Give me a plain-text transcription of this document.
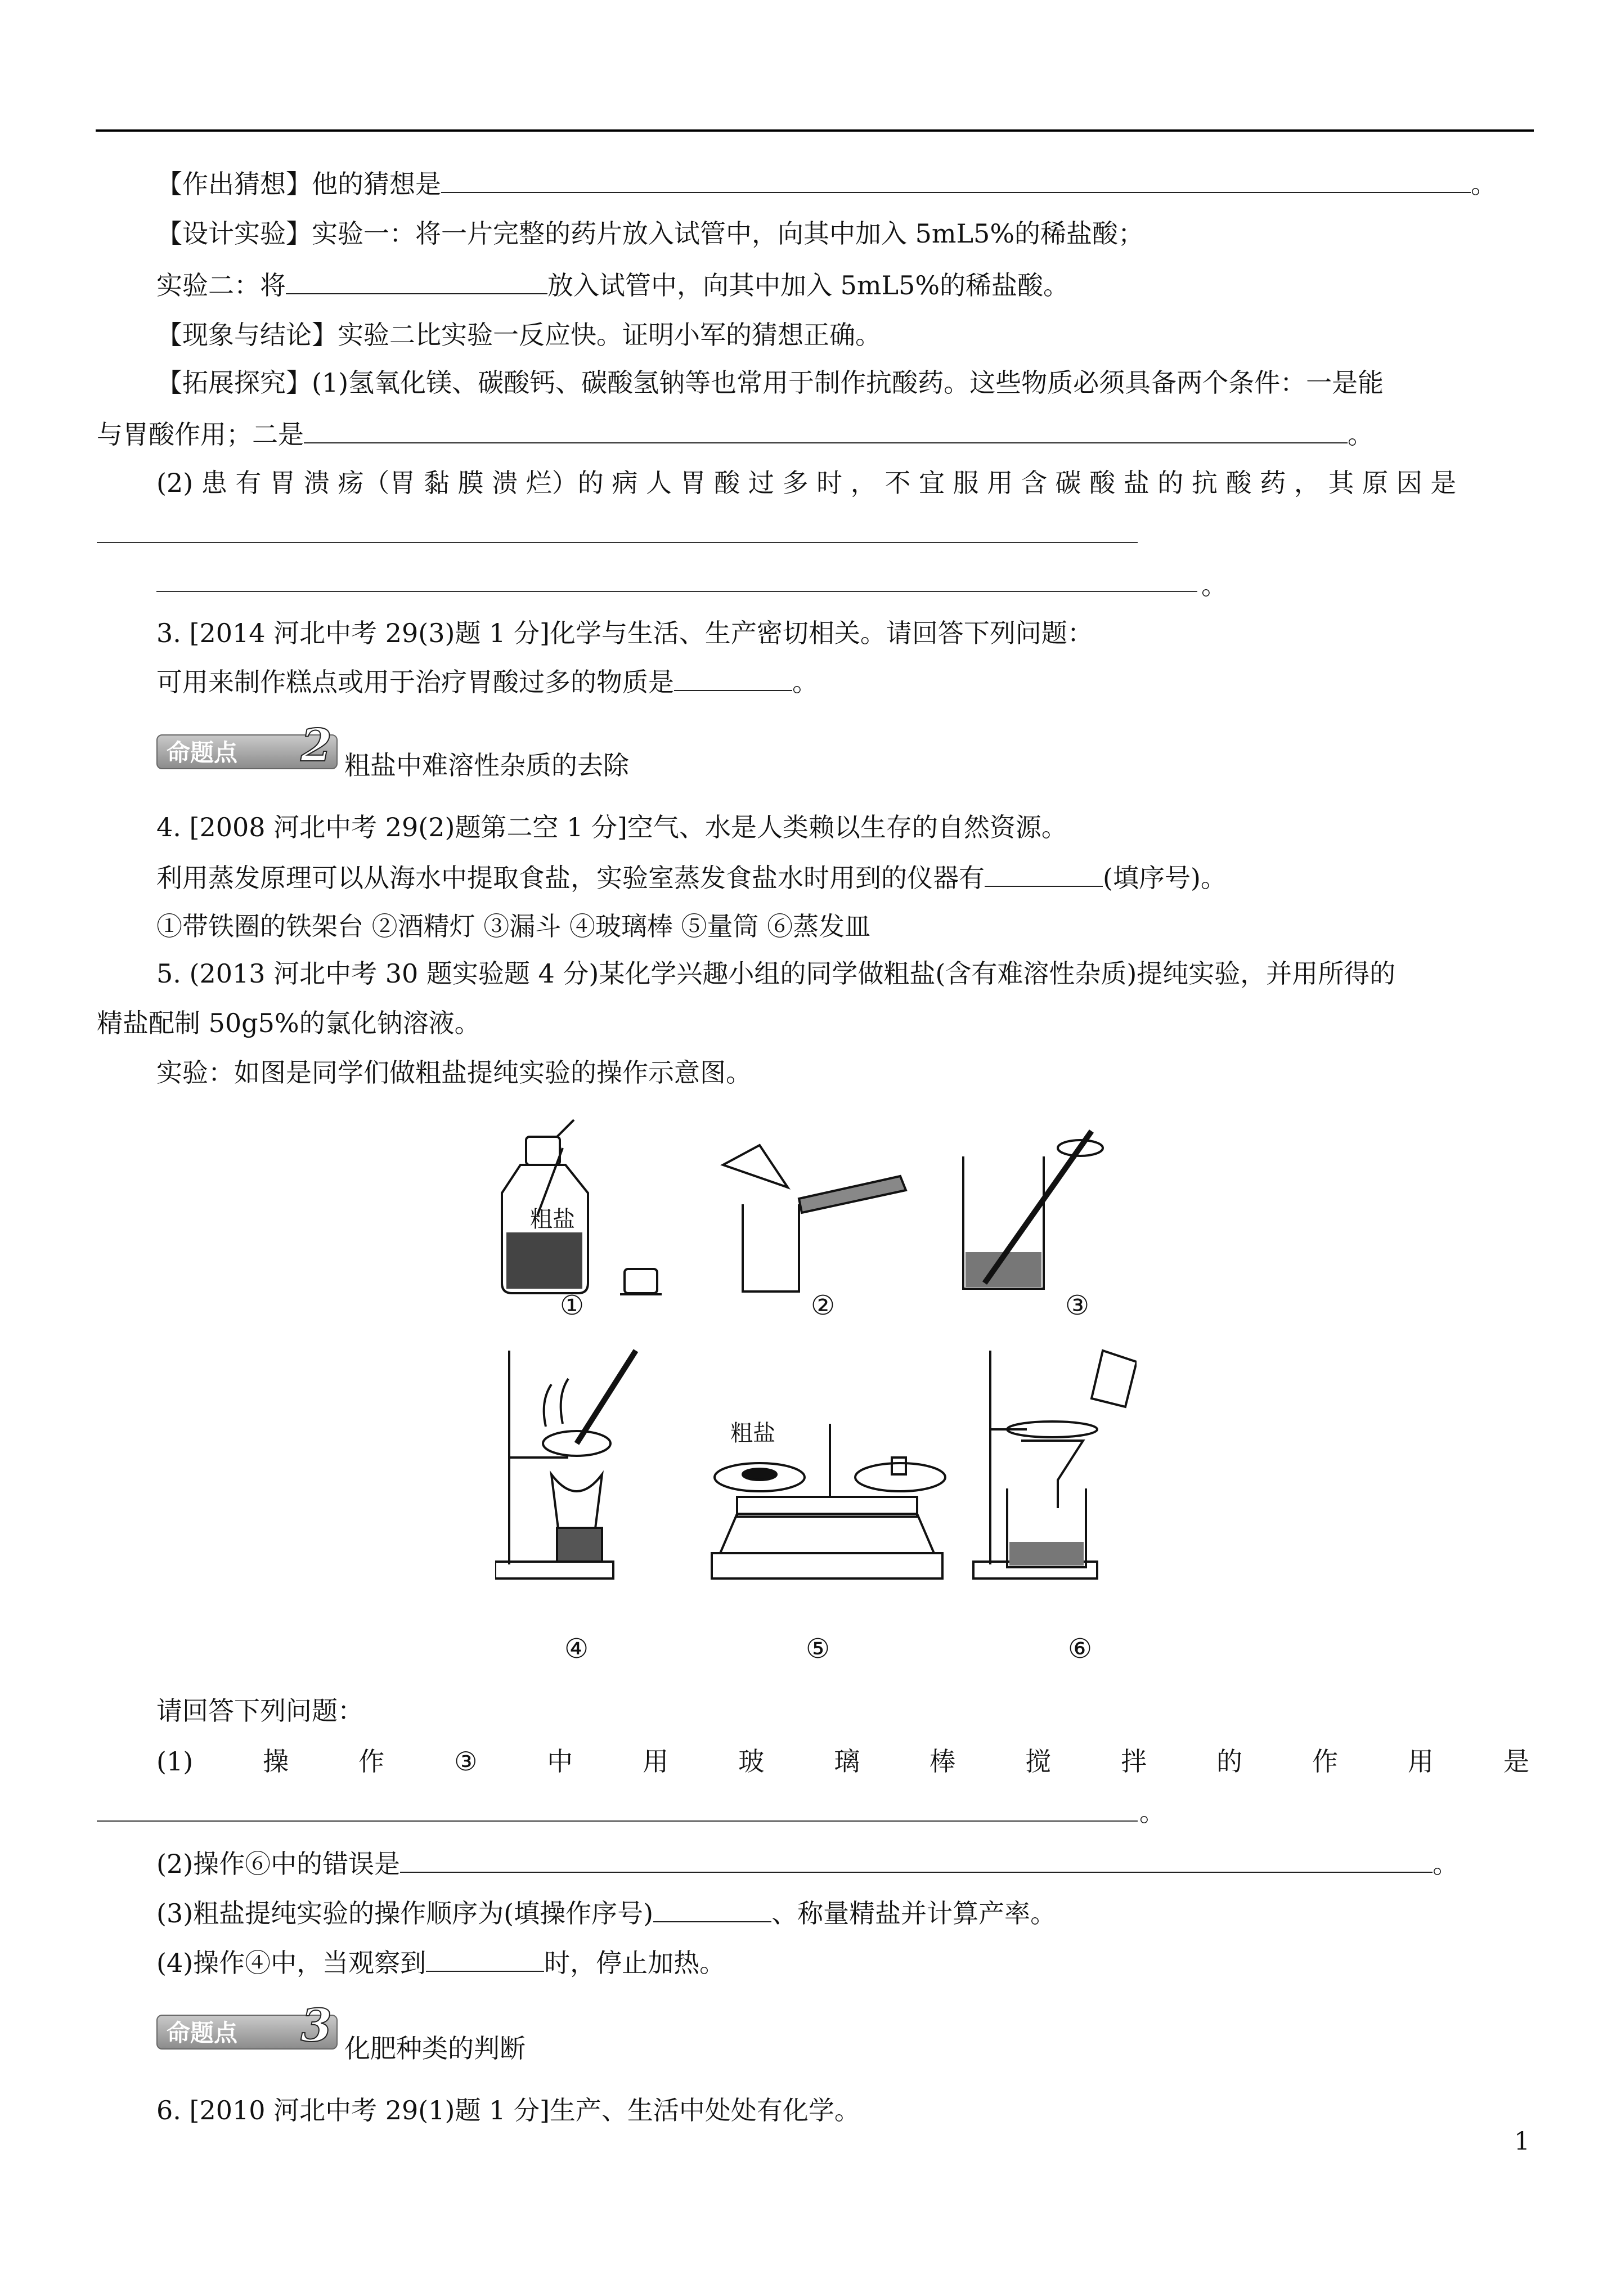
【作出猜想】他的猜想是	。
【设计实验】实验一：将一片完整的药片放入试管中，向其中加入 5mL5%的稀盐酸；
实验二：将	放入试管中，向其中加入 5mL5%的稀盐酸。
【现象与结论】实验二比实验一反应快。证明小军的猜想正确。
【拓展探究】(1)氢氧化镁、碳酸钙、碳酸氢钠等也常用于制作抗酸药。这些物质必须具备两个条件：一是能
与胃酸作用；二是	。
(2) 患 有 胃 溃 疡（胃 黏 膜 溃 烂）的 病 人 胃 酸 过 多 时 ， 不 宜 服 用 含 碳 酸 盐 的 抗 酸 药 ， 其 原 因 是
。
3. [2014 河北中考 29(3)题 1 分]化学与生活、生产密切相关。请回答下列问题：
可用来制作糕点或用于治疗胃酸过多的物质是	。
命题点 2 粗盐中难溶性杂质的去除
4. [2008 河北中考 29(2)题第二空 1 分]空气、水是人类赖以生存的自然资源。
利用蒸发原理可以从海水中提取食盐，实验室蒸发食盐水时用到的仪器有	(填序号)。
①带铁圈的铁架台 ②酒精灯 ③漏斗 ④玻璃棒 ⑤量筒 ⑥蒸发皿
5. (2013 河北中考 30 题实验题 4 分)某化学兴趣小组的同学做粗盐(含有难溶性杂质)提纯实验，并用所得的
精盐配制 50g5%的氯化钠溶液。
实验：如图是同学们做粗盐提纯实验的操作示意图。
粗盐
粗盐
①	②	③
④	⑤	⑥
请回答下列问题：
(1)	操	作	③	中	用	玻	璃	棒	搅	拌	的	作	用	是
。
(2)操作⑥中的错误是	。
(3)粗盐提纯实验的操作顺序为(填操作序号)	、称量精盐并计算产率。
(4)操作④中，当观察到	时，停止加热。
命题点 3 化肥种类的判断
6. [2010 河北中考 29(1)题 1 分]生产、生活中处处有化学。
1
